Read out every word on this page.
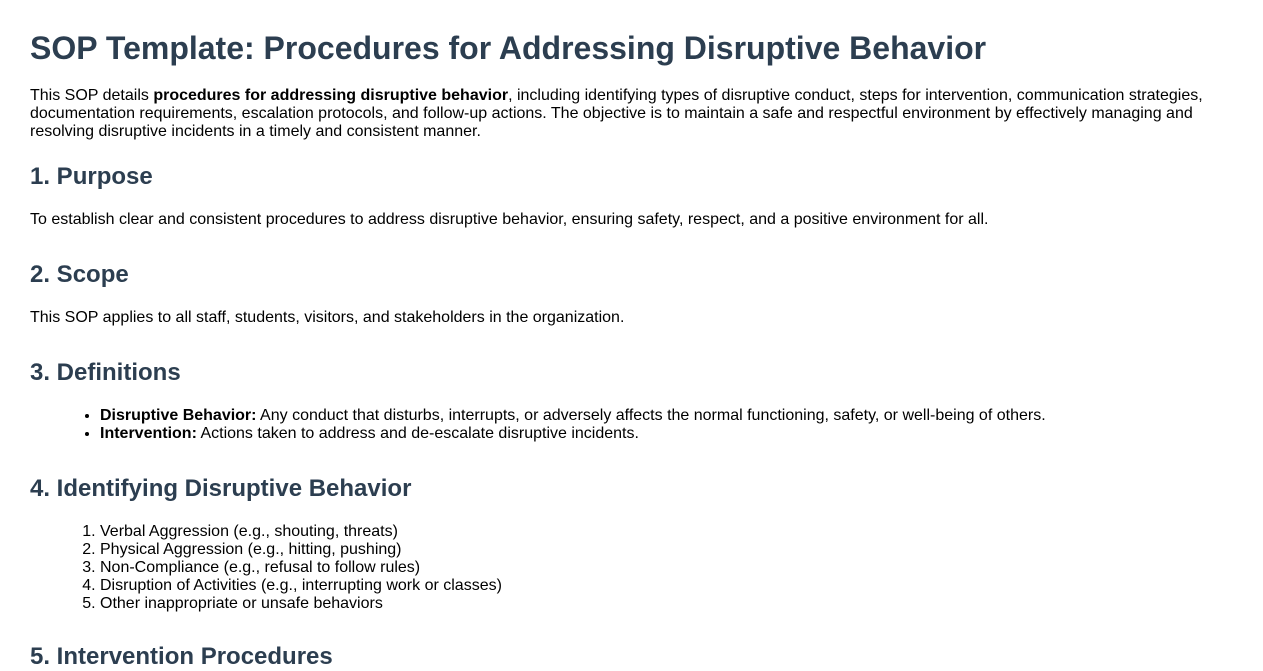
SOP Template: Procedures for Addressing Disruptive Behavior

This SOP details procedures for addressing disruptive behavior, including identifying types of disruptive conduct, steps for intervention, communication strategies, documentation requirements, escalation protocols, and follow-up actions. The objective is to maintain a safe and respectful environment by effectively managing and resolving disruptive incidents in a timely and consistent manner.

1. Purpose

To establish clear and consistent procedures to address disruptive behavior, ensuring safety, respect, and a positive environment for all.

2. Scope

This SOP applies to all staff, students, visitors, and stakeholders in the organization.

3. Definitions
• Disruptive Behavior: Any conduct that disturbs, interrupts, or adversely affects the normal functioning, safety, or well-being of others.
• Intervention: Actions taken to address and de-escalate disruptive incidents.
4. Identifying Disruptive Behavior
1. Verbal Aggression (e.g., shouting, threats)
2. Physical Aggression (e.g., hitting, pushing)
3. Non-Compliance (e.g., refusal to follow rules)
4. Disruption of Activities (e.g., interrupting work or classes)
5. Other inappropriate or unsafe behaviors
5. Intervention Procedures
